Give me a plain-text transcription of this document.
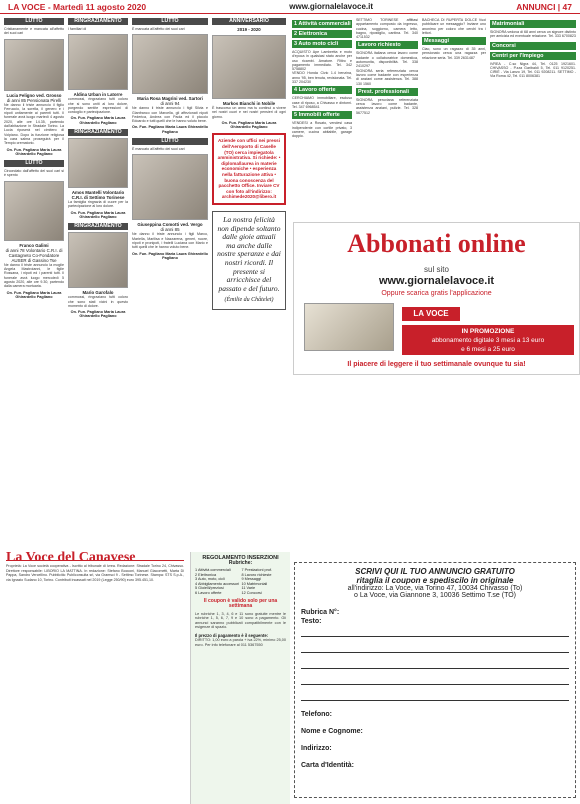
LA VOCE - Martedì 11 agosto 2020	www.giornalelavoce.it	ANNUNCI | 47
LUTTO
Cristianamente e mancata all'affetto dei suoi cari
Lucia Feligno ved. Grosso
di anni 85 Pensionata Pirelli
Ne danno il triste annuncio il figlio Ferruccio, la sorella, il genero e i nipoti unitamente ai parenti tutti. Il funerale avrà luogo martedì 4 agosto 2020, alle ore 14.35, partendo dall'abitazione in Stradale Torino. La Lucia riposerà nel cimitero di Volpiano. Dopo la funzione religiosa la cara salma proseguirà per il Tempio crematorio.
On. Fun. Pagliano Maria Laura Ghirardello Pagliano
LUTTO
Circondato dall'affetto dei suoi cari si è spento
Franco Galimi
di anni 78 Volontario C.R.I. di Castagneto Co-Fondatore AUSER di Gassino Tse
Ne danno il triste annuncio la moglie Angela Mastroianni, le figlie Rossana, i nipoti ed i parenti tutti. Il funerale avrà luogo mercoledì 5 agosto 2020, alle ore 9.30, partendo dalla camera mortuaria.
On. Fun. Pagliano Maria Laura Ghirardello Pagliano
RINGRAZIAMENTO
I familiari di
Aldina Urban in Latorre
commossi, ringraziano tutti coloro che si sono uniti al loro dolore, porgendo sentite espressioni di cordoglio e partecipazione.
On. Fun. Pagliano Maria Laura Ghirardello Pagliano
RINGRAZIAMENTO
Amos Mantelli Volontario C.R.I. di Settimo Torinese
La famiglia ringrazia di cuore per la partecipazione al loro dolore.
On. Fun. Pagliano Maria Laura Ghirardello Pagliano
RINGRAZIAMENTO
Mario Garofalo
commossi, ringraziano tutti coloro che sono stati vicini in questo momento di dolore.
On. Fun. Pagliano Maria Laura Ghirardello Pagliano
LUTTO
È mancata all'affetto dei suoi cari
Maria Rosa Magrini ved. Sartori
di anni 94
Ne danno il triste annuncio i figli Silvia e Gianfranco con Marcella, gli affezionati nipoti Federica, Andrea con Paola ed il piccolo Edoardo e tutti quelli che le hanno voluto bene.
On. Fun. Pagliano Maria Laura Ghirardello Pagliano
LUTTO
È mancato all'affetto dei suoi cari
Giuseppina Comotti ved. Vergo
di anni 85
Ne danno il triste annuncio i figli Marco, Mariella, Marilisa e Nazzarena, generi, nuore, nipoti e pronipoti, i fratelli Luciana con Mario e tutti quelli che le hanno voluto bene.
On. Fun. Pagliano Maria Laura Ghirardello Pagliano
ANNIVERSARIO
2019 - 2020
Markos Bianchi in Nobile
È trascorso un anno ma tu continui a vivere nel nostri cuori e nei nostri pensieri di ogni giorno.
On. Fun. Pagliano Maria Laura Ghirardello Pagliano
Aziende con uffici nei pressi dell'Aeroporto di Caselle (TO) cerca impiegato/a amministrativa. Si richiede: • diploma/laurea in materie economiche • esperienza nella fatturazione attiva • buona conoscenza del pacchetto Office. Inviare CV con foto all'indirizzo: archimede2020@libero.it
La nostra felicità non dipende soltanto dalle gioie attuali ma anche dalle nostre speranze e dai nostri ricordi. Il presente si arricchisce del passato e del futuro.
(Émilie du Châtelet)
1 Attività commerciali
2 Elettronica
3 Auto moto cicli
ACQUISTO Ape Lambretta e moto d'epoca in qualsiasi stato anche per uso ricambi. Amatore. Ritiro e pagamento immediato. Tel. 342 5758802
VENDO Honda Civic 1.4 benzina, anno '95, ben tenuta, revisionata. Tel. 337 204230
4 Lavoro offerte
CERCHIAMO immobiliare, escluso case di riposo, a Chivasso e dintorni. Tel. 347 6968541
5 Immobili offerte
VENDESI a Rosato, vendesi casa indipendente con cortile privato, 3 camere, cucina abitabile, garage doppio.
SETTIMO TORINESE affittasi appartamento composto da ingresso, cucina, soggiorno, camera letto, bagno, ripostiglio, cantina. Tel. 340 4711532
Lavoro richiesto
SIGNORA italiana cerca lavoro come badante o collaboratrice domestica, automunita, disponibilità. Tel. 338 2410297
SIGNORA seria referenziata cerca lavoro come badante con esperienza di anziani come assistenza. Tel. 388 130 1560
Prest. professionali
SIGNORA peruviana referenziata cerca lavoro come badante, assistenza anziani, pulizie. Tel. 328 5677512
BACHECA DI RUPERTA DOLCE Vuoi pubblicare un messaggio? Inviane uno anonimo per coloro che cerchi tra i lettori.
Messaggi
Ciao, sono un ragazzo di 35 anni, pensionato cerca una ragazza per relazione seria. Tel. 339 2631487
Matrimoniali
SIGNORA vedova di 68 anni cerca un signore distinto per amicizia ed eventuale relazione. Tel. 333 6700823
Concorsi
Centri per l'Impiego
IVREA - C.so Nigra 44, Tel. 0125 1921601. CHIVASSO - P.zza Garibaldi 5, Tel. 011 9120251. CIRIÉ - Via Lanzo 19, Tel. 011 9208211. SETTIMO - Via Roma 42, Tel. 011 8006381
Abbonati online
sul sito
www.giornalelavoce.it
Oppure scarica gratis l'applicazione
LA VOCE
IN PROMOZIONE
abbonamento digitale 3 mesi a 13 euro
e 6 mesi a 25 euro
Il piacere di leggere il tuo settimanale ovunque tu sia!
La Voce del Canavese
Proprietà: La Voce società cooperativa - Iscritto al tribunale di Ivrea. Redazione: Stradale Torino 24, Chivasso. Direttore responsabile: LIBORIO LA MATTINA. In redazione: Stefano Bocconi, Manuel Giacometti, Marta Di Pappa, Sandro Vercellino. Pubblicità: Publiconsulta srl, via Gramsci 9 - Settimo Torinese. Stampa: STS S.p.A., via Ignazio Sudano 10, Torino. Contributi incassati nel 2019 (Legge 250/90) euro 395.451,10.
REGOLAMENTO INSERZIONI
Rubriche:
1 Attività commerciali	7 Prestazioni prof.
2 Elettronica	8 Lavoro richieste
3 Auto, moto, cicli	9 Messaggi
4 Abbigliamento accessori 10 Matrimoniali
5 Gioielli/preziosi	11 Varie
6 Lavoro offerte	12 Concorsi
Il coupon è valido solo per una settimana
Le rubriche 1, 3, 4, 6 e 11 sono gratuite mentre le rubriche 1, 5, 6, 7, 9 e 10 sono a pagamento. Gli annunci saranno pubblicati compatibilmente con le esigenze di spazio.
Il prezzo di pagamento è il seguente:
DIRITTO: 1,00 euro a parola + iva 22%, minimo 25,00 euro. Per info telefonare al 011 5367550
SCRIVI QUI IL TUO ANNUNCIO GRATUITO
ritaglia il coupon e spediscilo in originale
all'indirizzo: La Voce, via Torino 47, 10034 Chivasso (To)
o La Voce, via Giannone 3, 10036 Settimo T.se (TO)
Rubrica N°:
Testo:
Telefono:
Nome e Cognome:
Indirizzo:
Carta d'Identità:
